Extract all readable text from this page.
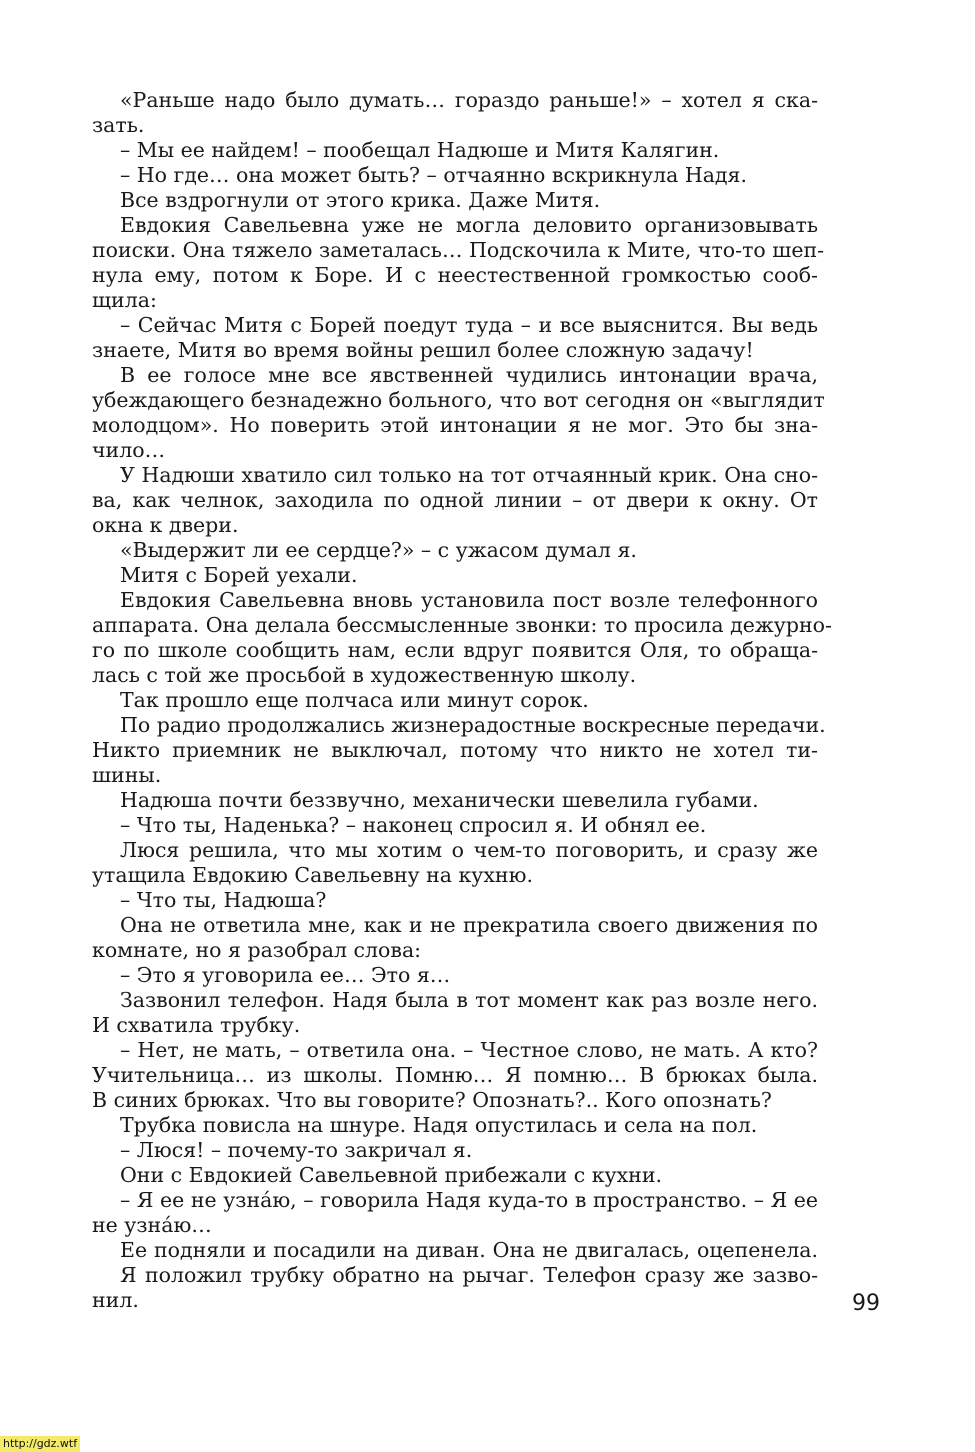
«Раньше надо было думать… гораздо раньше!» – хотел я ска-
зать.
– Мы ее найдем! – пообещал Надюше и Митя Калягин.
– Но где… она может быть? – отчаянно вскрикнула Надя.
Все вздрогнули от этого крика. Даже Митя.
Евдокия Савельевна уже не могла деловито организовывать
поиски. Она тяжело заметалась… Подскочила к Мите, что-то шеп-
нула ему, потом к Боре. И с неестественной громкостью сооб-
щила:
– Сейчас Митя с Борей поедут туда – и все выяснится. Вы ведь
знаете, Митя во время войны решил более сложную задачу!
В ее голосе мне все явственней чудились интонации врача,
убеждающего безнадежно больного, что вот сегодня он «выглядит
молодцом». Но поверить этой интонации я не мог. Это бы зна-
чило…
У Надюши хватило сил только на тот отчаянный крик. Она сно-
ва, как челнок, заходила по одной линии – от двери к окну. От
окна к двери.
«Выдержит ли ее сердце?» – с ужасом думал я.
Митя с Борей уехали.
Евдокия Савельевна вновь установила пост возле телефонного
аппарата. Она делала бессмысленные звонки: то просила дежурно-
го по школе сообщить нам, если вдруг появится Оля, то обраща-
лась с той же просьбой в художественную школу.
Так прошло еще полчаса или минут сорок.
По радио продолжались жизнерадостные воскресные передачи.
Никто приемник не выключал, потому что никто не хотел ти-
шины.
Надюша почти беззвучно, механически шевелила губами.
– Что ты, Наденька? – наконец спросил я. И обнял ее.
Люся решила, что мы хотим о чем-то поговорить, и сразу же
утащила Евдокию Савельевну на кухню.
– Что ты, Надюша?
Она не ответила мне, как и не прекратила своего движения по
комнате, но я разобрал слова:
– Это я уговорила ее… Это я…
Зазвонил телефон. Надя была в тот момент как раз возле него.
И схватила трубку.
– Нет, не мать, – ответила она. – Честное слово, не мать. А кто?
Учительница… из школы. Помню… Я помню… В брюках была.
В синих брюках. Что вы говорите? Опознать?.. Кого опознать?
Трубка повисла на шнуре. Надя опустилась и села на пол.
– Люся! – почему-то закричал я.
Они с Евдокией Савельевной прибежали с кухни.
– Я ее не узна́ю, – говорила Надя куда-то в пространство. – Я ее
не узна́ю…
Ее подняли и посадили на диван. Она не двигалась, оцепенела.
Я положил трубку обратно на рычаг. Телефон сразу же зазво-
нил.	99
http://gdz.wtf
